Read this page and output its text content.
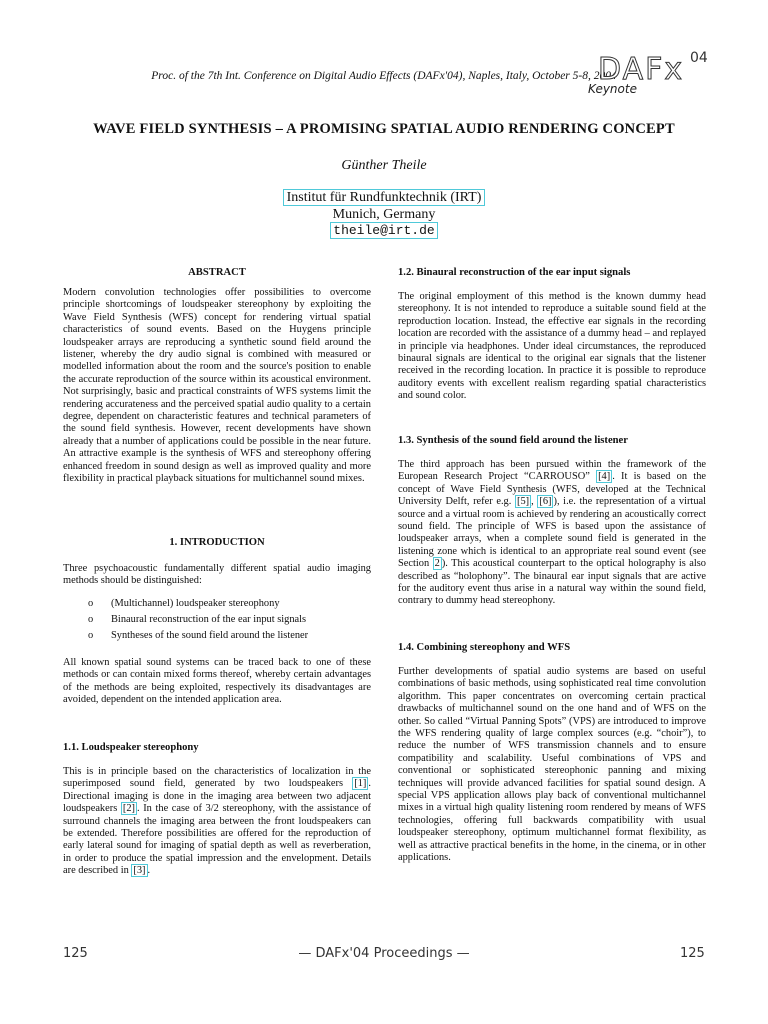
Proc. of the 7th Int. Conference on Digital Audio Effects (DAFx'04), Naples, Italy, October 5-8, 2004
DAFx 04
Keynote
WAVE FIELD SYNTHESIS – A PROMISING SPATIAL AUDIO RENDERING CONCEPT
Günther Theile
Institut für Rundfunktechnik (IRT)
Munich, Germany
theile@irt.de
ABSTRACT
Modern convolution technologies offer possibilities to overcome principle shortcomings of loudspeaker stereophony by exploiting the Wave Field Synthesis (WFS) concept for rendering virtual spatial characteristics of sound events. Based on the Huygens principle loudspeaker arrays are reproducing a synthetic sound field around the listener, whereby the dry audio signal is combined with measured or modelled information about the room and the source's position to enable the accurate reproduction of the source within its acoustical environment. Not surprisingly, basic and practical constraints of WFS systems limit the rendering accurateness and the perceived spatial audio quality to a certain degree, dependent on characteristic features and technical parameters of the sound field synthesis. However, recent developments have shown already that a number of applications could be possible in the near future. An attractive example is the synthesis of WFS and stereophony offering enhanced freedom in sound design as well as improved quality and more flexibility in practical playback situations for multichannel sound mixes.
1. INTRODUCTION
Three psychoacoustic fundamentally different spatial audio imaging methods should be distinguished:
o (Multichannel) loudspeaker stereophony
o Binaural reconstruction of the ear input signals
o Syntheses of the sound field around the listener
All known spatial sound systems can be traced back to one of these methods or can contain mixed forms thereof, whereby certain advantages of the methods are being exploited, respectively its disadvantages are avoided, dependent on the intended application area.
1.1. Loudspeaker stereophony
This is in principle based on the characteristics of localization in the superimposed sound field, generated by two loudspeakers [1] . Directional imaging is done in the imaging area between two adjacent loudspeakers [2] . In the case of 3/2 stereophony, with the assistance of surround channels the imaging area between the front loudspeakers can be extended. Therefore possibilities are offered for the reproduction of early lateral sound for imaging of spatial depth as well as reverberation, in order to produce the spatial impression and the envelopment. Details are described in [3] .
1.2. Binaural reconstruction of the ear input signals
The original employment of this method is the known dummy head stereophony. It is not intended to reproduce a suitable sound field at the reproduction location. Instead, the effective ear signals in the recording location are recorded with the assistance of a dummy head – and replayed in principle via headphones. Under ideal circumstances, the reproduced binaural signals are identical to the original ear signals that the listener received in the recording location. In practice it is possible to reproduce auditory events with excellent realism regarding spatial characteristics and sound color.
1.3. Synthesis of the sound field around the listener
The third approach has been pursued within the framework of the European Research Project “CARROUSO” [4] . It is based on the concept of Wave Field Synthesis (WFS, developed at the Technical University Delft, refer e.g. [5] , [6] ), i.e. the representation of a virtual source and a virtual room is achieved by rendering an acoustically correct sound field. The principle of WFS is based upon the assistance of loudspeaker arrays, when a complete sound field is generated in the listening zone which is identical to an appropriate real sound event (see Section 2 ). This acoustical counterpart to the optical holography is also described as “holophony”. The binaural ear input signals that are active for the auditory event thus arise in a natural way within the sound field, contrary to dummy head stereophony.
1.4. Combining stereophony and WFS
Further developments of spatial audio systems are based on useful combinations of basic methods, using sophisticated real time convolution algorithm. This paper concentrates on overcoming certain practical drawbacks of multichannel sound on the one hand and of WFS on the other. So called “Virtual Panning Spots” (VPS) are introduced to improve the WFS rendering quality of large complex sources (e.g. “choir”), to reduce the number of WFS transmission channels and to ensure compatibility and scalability. Useful combinations of VPS and conventional or sophisticated stereophonic panning and mixing techniques will provide advanced facilities for spatial sound design. A special VPS application allows play back of conventional multichannel mixes in a virtual high quality listening room rendered by means of WFS technologies, offering full backwards compatibility with usual loudspeaker stereophony, optimum multichannel format flexibility, as well as attractive practical benefits in the home, in the cinema, or in other applications.
125	— DAFx'04 Proceedings —	125
